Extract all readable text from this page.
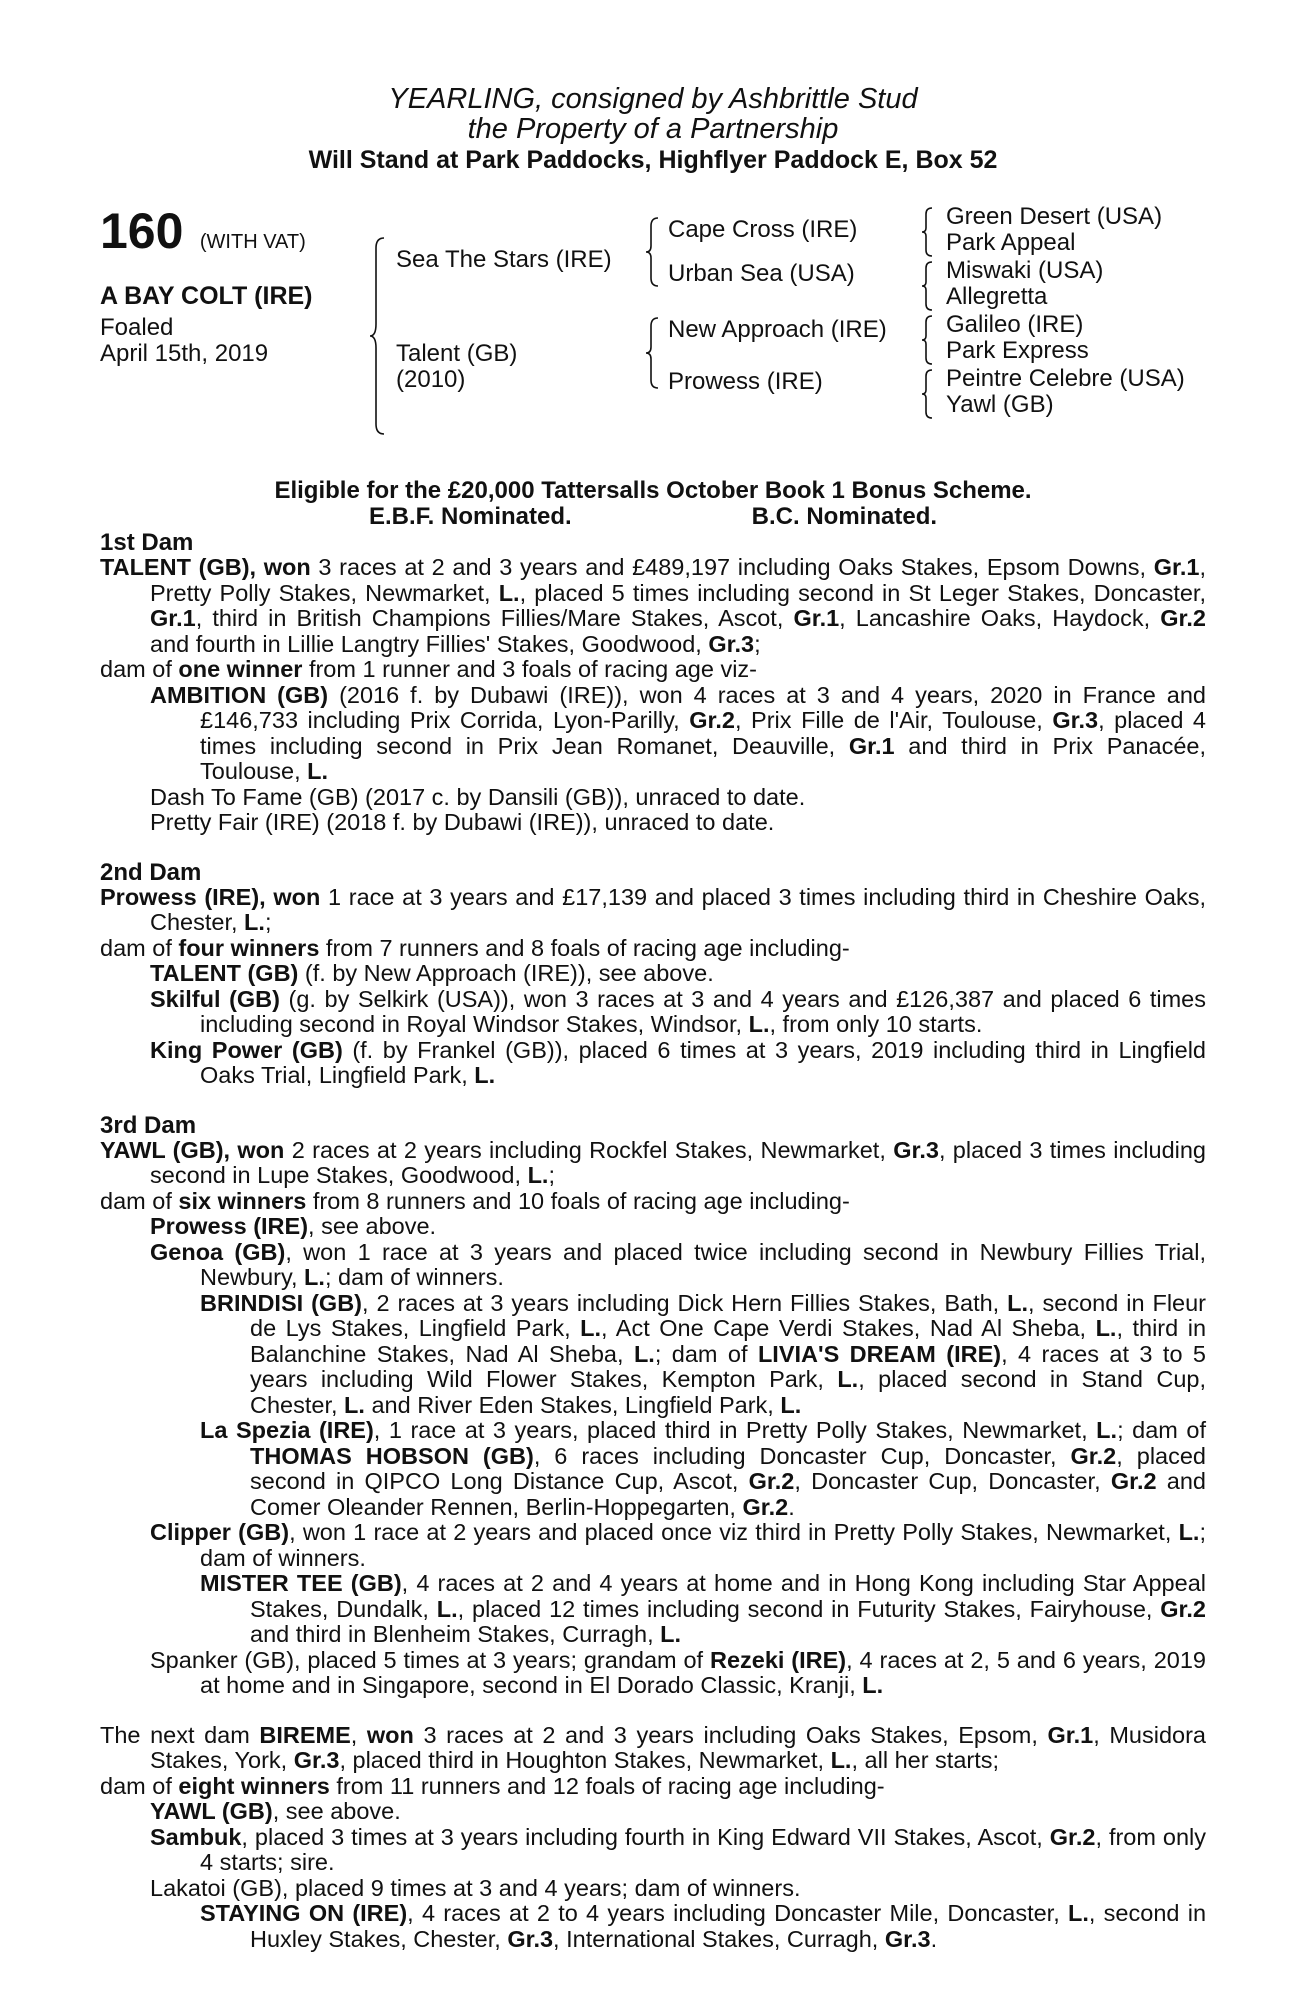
YEARLING, consigned by Ashbrittle Stud
the Property of a Partnership
Will Stand at Park Paddocks, Highflyer Paddock E, Box 52
160 (WITH VAT)
A BAY COLT (IRE)
Foaled
April 15th, 2019
Sea The Stars (IRE)
Talent (GB)
(2010)
Cape Cross (IRE)
Urban Sea (USA)
New Approach (IRE)
Prowess (IRE)
Green Desert (USA)
Park Appeal
Miswaki (USA)
Allegretta
Galileo (IRE)
Park Express
Peintre Celebre (USA)
Yawl (GB)
Eligible for the £20,000 Tattersalls October Book 1 Bonus Scheme.
E.B.F. Nominated.	B.C. Nominated.
1st Dam
TALENT (GB), won 3 races at 2 and 3 years and £489,197 including Oaks Stakes, Epsom Downs, Gr.1, Pretty Polly Stakes, Newmarket, L., placed 5 times including second in St Leger Stakes, Doncaster, Gr.1, third in British Champions Fillies/Mare Stakes, Ascot, Gr.1, Lancashire Oaks, Haydock, Gr.2 and fourth in Lillie Langtry Fillies' Stakes, Goodwood, Gr.3;
dam of one winner from 1 runner and 3 foals of racing age viz-
AMBITION (GB) (2016 f. by Dubawi (IRE)), won 4 races at 3 and 4 years, 2020 in France and £146,733 including Prix Corrida, Lyon-Parilly, Gr.2, Prix Fille de l'Air, Toulouse, Gr.3, placed 4 times including second in Prix Jean Romanet, Deauville, Gr.1 and third in Prix Panacée, Toulouse, L.
Dash To Fame (GB) (2017 c. by Dansili (GB)), unraced to date.
Pretty Fair (IRE) (2018 f. by Dubawi (IRE)), unraced to date.
2nd Dam
Prowess (IRE), won 1 race at 3 years and £17,139 and placed 3 times including third in Cheshire Oaks, Chester, L.;
dam of four winners from 7 runners and 8 foals of racing age including-
TALENT (GB) (f. by New Approach (IRE)), see above.
Skilful (GB) (g. by Selkirk (USA)), won 3 races at 3 and 4 years and £126,387 and placed 6 times including second in Royal Windsor Stakes, Windsor, L., from only 10 starts.
King Power (GB) (f. by Frankel (GB)), placed 6 times at 3 years, 2019 including third in Lingfield Oaks Trial, Lingfield Park, L.
3rd Dam
YAWL (GB), won 2 races at 2 years including Rockfel Stakes, Newmarket, Gr.3, placed 3 times including second in Lupe Stakes, Goodwood, L.;
dam of six winners from 8 runners and 10 foals of racing age including-
Prowess (IRE), see above.
Genoa (GB), won 1 race at 3 years and placed twice including second in Newbury Fillies Trial, Newbury, L.; dam of winners.
BRINDISI (GB), 2 races at 3 years including Dick Hern Fillies Stakes, Bath, L., second in Fleur de Lys Stakes, Lingfield Park, L., Act One Cape Verdi Stakes, Nad Al Sheba, L., third in Balanchine Stakes, Nad Al Sheba, L.; dam of LIVIA'S DREAM (IRE), 4 races at 3 to 5 years including Wild Flower Stakes, Kempton Park, L., placed second in Stand Cup, Chester, L. and River Eden Stakes, Lingfield Park, L.
La Spezia (IRE), 1 race at 3 years, placed third in Pretty Polly Stakes, Newmarket, L.; dam of THOMAS HOBSON (GB), 6 races including Doncaster Cup, Doncaster, Gr.2, placed second in QIPCO Long Distance Cup, Ascot, Gr.2, Doncaster Cup, Doncaster, Gr.2 and Comer Oleander Rennen, Berlin-Hoppegarten, Gr.2.
Clipper (GB), won 1 race at 2 years and placed once viz third in Pretty Polly Stakes, Newmarket, L.; dam of winners.
MISTER TEE (GB), 4 races at 2 and 4 years at home and in Hong Kong including Star Appeal Stakes, Dundalk, L., placed 12 times including second in Futurity Stakes, Fairyhouse, Gr.2 and third in Blenheim Stakes, Curragh, L.
Spanker (GB), placed 5 times at 3 years; grandam of Rezeki (IRE), 4 races at 2, 5 and 6 years, 2019 at home and in Singapore, second in El Dorado Classic, Kranji, L.
The next dam BIREME, won 3 races at 2 and 3 years including Oaks Stakes, Epsom, Gr.1, Musidora Stakes, York, Gr.3, placed third in Houghton Stakes, Newmarket, L., all her starts;
dam of eight winners from 11 runners and 12 foals of racing age including-
YAWL (GB), see above.
Sambuk, placed 3 times at 3 years including fourth in King Edward VII Stakes, Ascot, Gr.2, from only 4 starts; sire.
Lakatoi (GB), placed 9 times at 3 and 4 years; dam of winners.
STAYING ON (IRE), 4 races at 2 to 4 years including Doncaster Mile, Doncaster, L., second in Huxley Stakes, Chester, Gr.3, International Stakes, Curragh, Gr.3.
